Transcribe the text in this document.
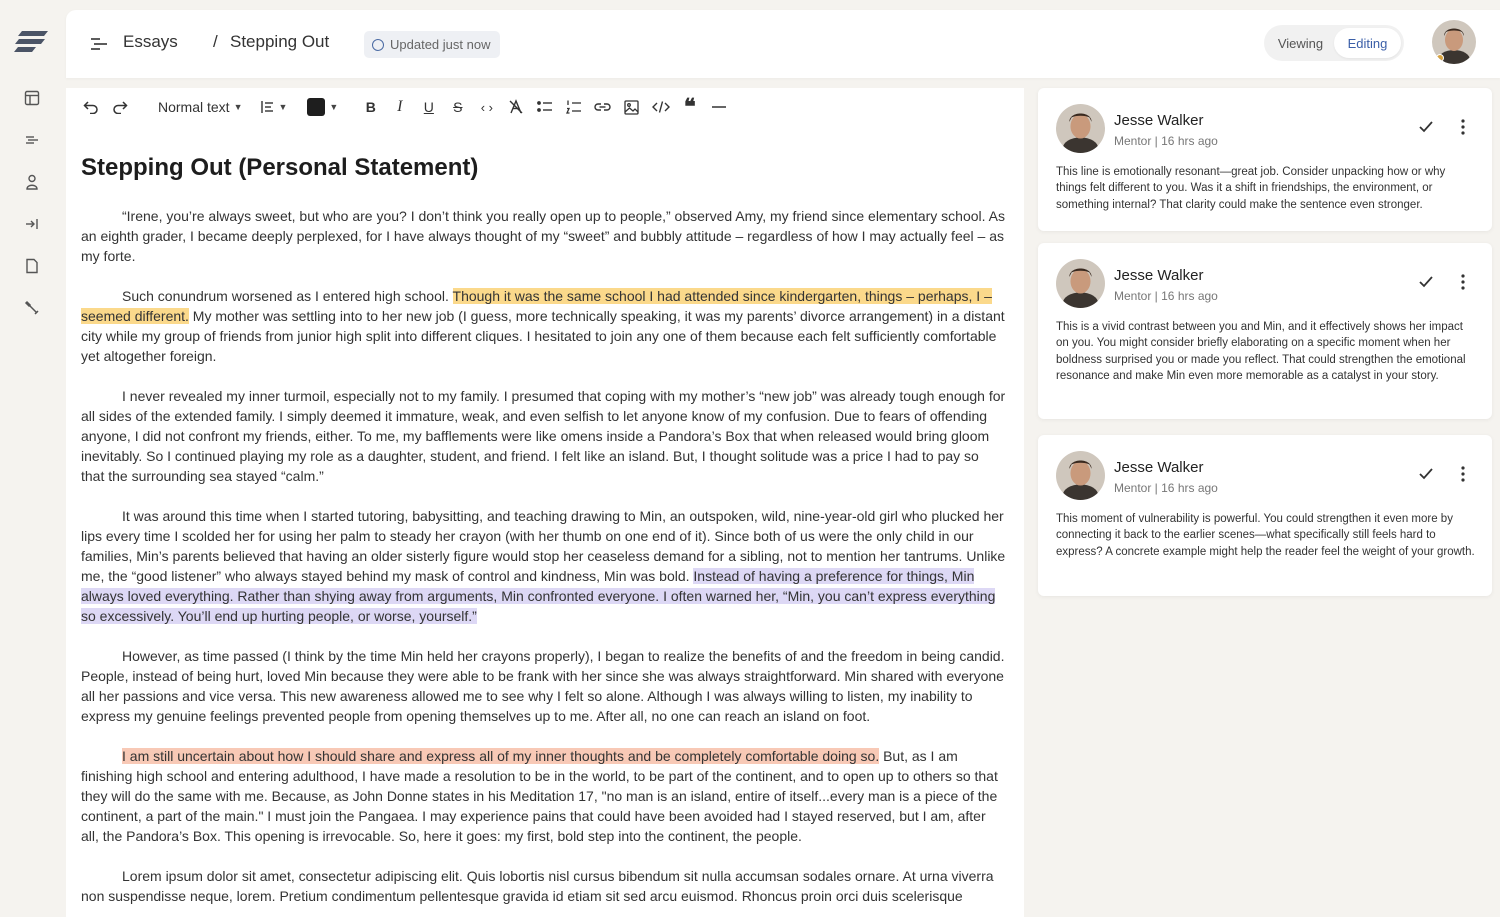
Essays / Stepping Out	Updated just now	Viewing	Editing
Normal text ▼	▼	▼	B	I	U	S	‹ ›	❝
Stepping Out (Personal Statement)

“Irene, you’re always sweet, but who are you? I don’t think you really open up to people,” observed Amy, my friend since elementary school. As an eighth grader, I became deeply perplexed, for I have always thought of my “sweet” and bubbly attitude – regardless of how I may actually feel – as my forte.

Such conundrum worsened as I entered high school. Though it was the same school I had attended since kindergarten, things – perhaps, I – seemed different. My mother was settling into to her new job (I guess, more technically speaking, it was my parents’ divorce arrangement) in a distant city while my group of friends from junior high split into different cliques. I hesitated to join any one of them because each felt sufficiently comfortable yet altogether foreign.

I never revealed my inner turmoil, especially not to my family. I presumed that coping with my mother’s “new job” was already tough enough for all sides of the extended family. I simply deemed it immature, weak, and even selfish to let anyone know of my confusion. Due to fears of offending anyone, I did not confront my friends, either. To me, my bafflements were like omens inside a Pandora’s Box that when released would bring gloom inevitably. So I continued playing my role as a daughter, student, and friend. I felt like an island. But, I thought solitude was a price I had to pay so that the surrounding sea stayed “calm.”

It was around this time when I started tutoring, babysitting, and teaching drawing to Min, an outspoken, wild, nine-year-old girl who plucked her lips every time I scolded her for using her palm to steady her crayon (with her thumb on one end of it). Since both of us were the only child in our families, Min’s parents believed that having an older sisterly figure would stop her ceaseless demand for a sibling, not to mention her tantrums. Unlike me, the “good listener” who always stayed behind my mask of control and kindness, Min was bold. Instead of having a preference for things, Min always loved everything. Rather than shying away from arguments, Min confronted everyone. I often warned her, “Min, you can’t express everything so excessively. You’ll end up hurting people, or worse, yourself.”

However, as time passed (I think by the time Min held her crayons properly), I began to realize the benefits of and the freedom in being candid. People, instead of being hurt, loved Min because they were able to be frank with her since she was always straightforward. Min shared with everyone all her passions and vice versa. This new awareness allowed me to see why I felt so alone. Although I was always willing to listen, my inability to express my genuine feelings prevented people from opening themselves up to me. After all, no one can reach an island on foot.

I am still uncertain about how I should share and express all of my inner thoughts and be completely comfortable doing so. But, as I am finishing high school and entering adulthood, I have made a resolution to be in the world, to be part of the continent, and to open up to others so that they will do the same with me. Because, as John Donne states in his Meditation 17, "no man is an island, entire of itself...every man is a piece of the continent, a part of the main." I must join the Pangaea. I may experience pains that could have been avoided had I stayed reserved, but I am, after all, the Pandora’s Box. This opening is irrevocable. So, here it goes: my first, bold step into the continent, the people.

Lorem ipsum dolor sit amet, consectetur adipiscing elit. Quis lobortis nisl cursus bibendum sit nulla accumsan sodales ornare. At urna viverra non suspendisse neque, lorem. Pretium condimentum pellentesque gravida id etiam sit sed arcu euismod. Rhoncus proin orci duis scelerisque

Jesse Walker
Mentor | 16 hrs ago
This line is emotionally resonant—great job. Consider unpacking how or why things felt different to you. Was it a shift in friendships, the environment, or something internal? That clarity could make the sentence even stronger.
Jesse Walker
Mentor | 16 hrs ago
This is a vivid contrast between you and Min, and it effectively shows her impact on you. You might consider briefly elaborating on a specific moment when her boldness surprised you or made you reflect. That could strengthen the emotional resonance and make Min even more memorable as a catalyst in your story.
Jesse Walker
Mentor | 16 hrs ago
This moment of vulnerability is powerful. You could strengthen it even more by connecting it back to the earlier scenes—what specifically still feels hard to express? A concrete example might help the reader feel the weight of your growth.
